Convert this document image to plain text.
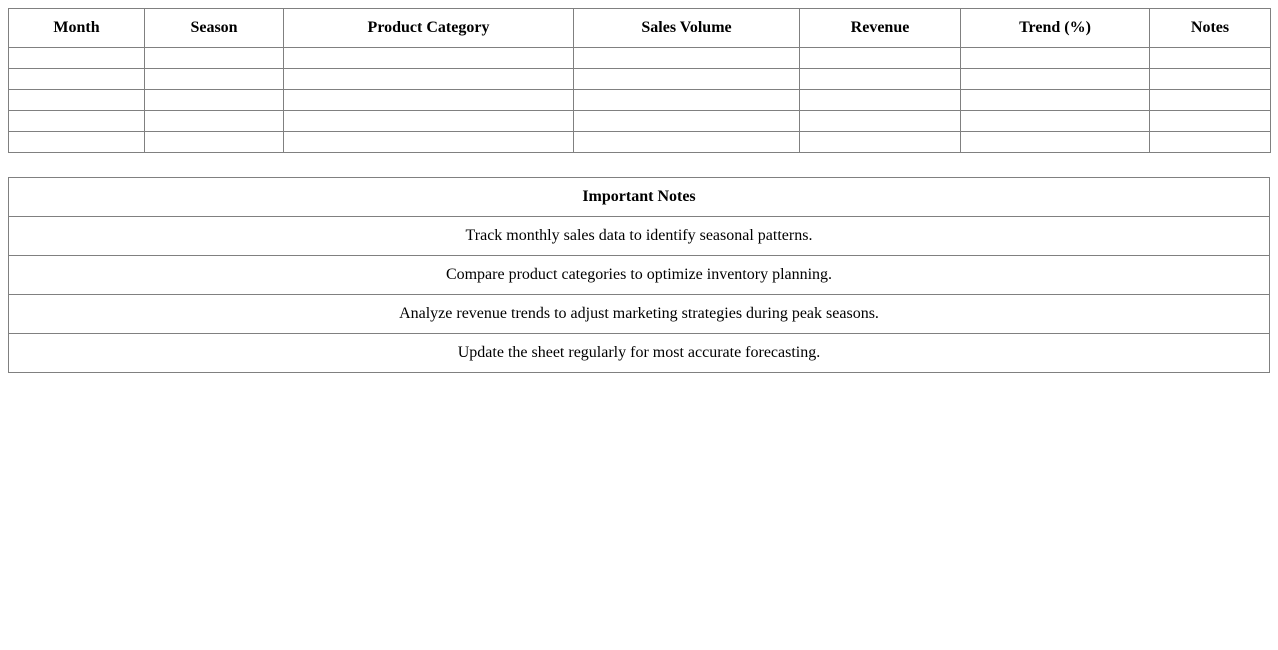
Month	Season	Product Category	Sales Volume	Revenue	Trend (%)	Notes

Important Notes
Track monthly sales data to identify seasonal patterns.
Compare product categories to optimize inventory planning.
Analyze revenue trends to adjust marketing strategies during peak seasons.
Update the sheet regularly for most accurate forecasting.
